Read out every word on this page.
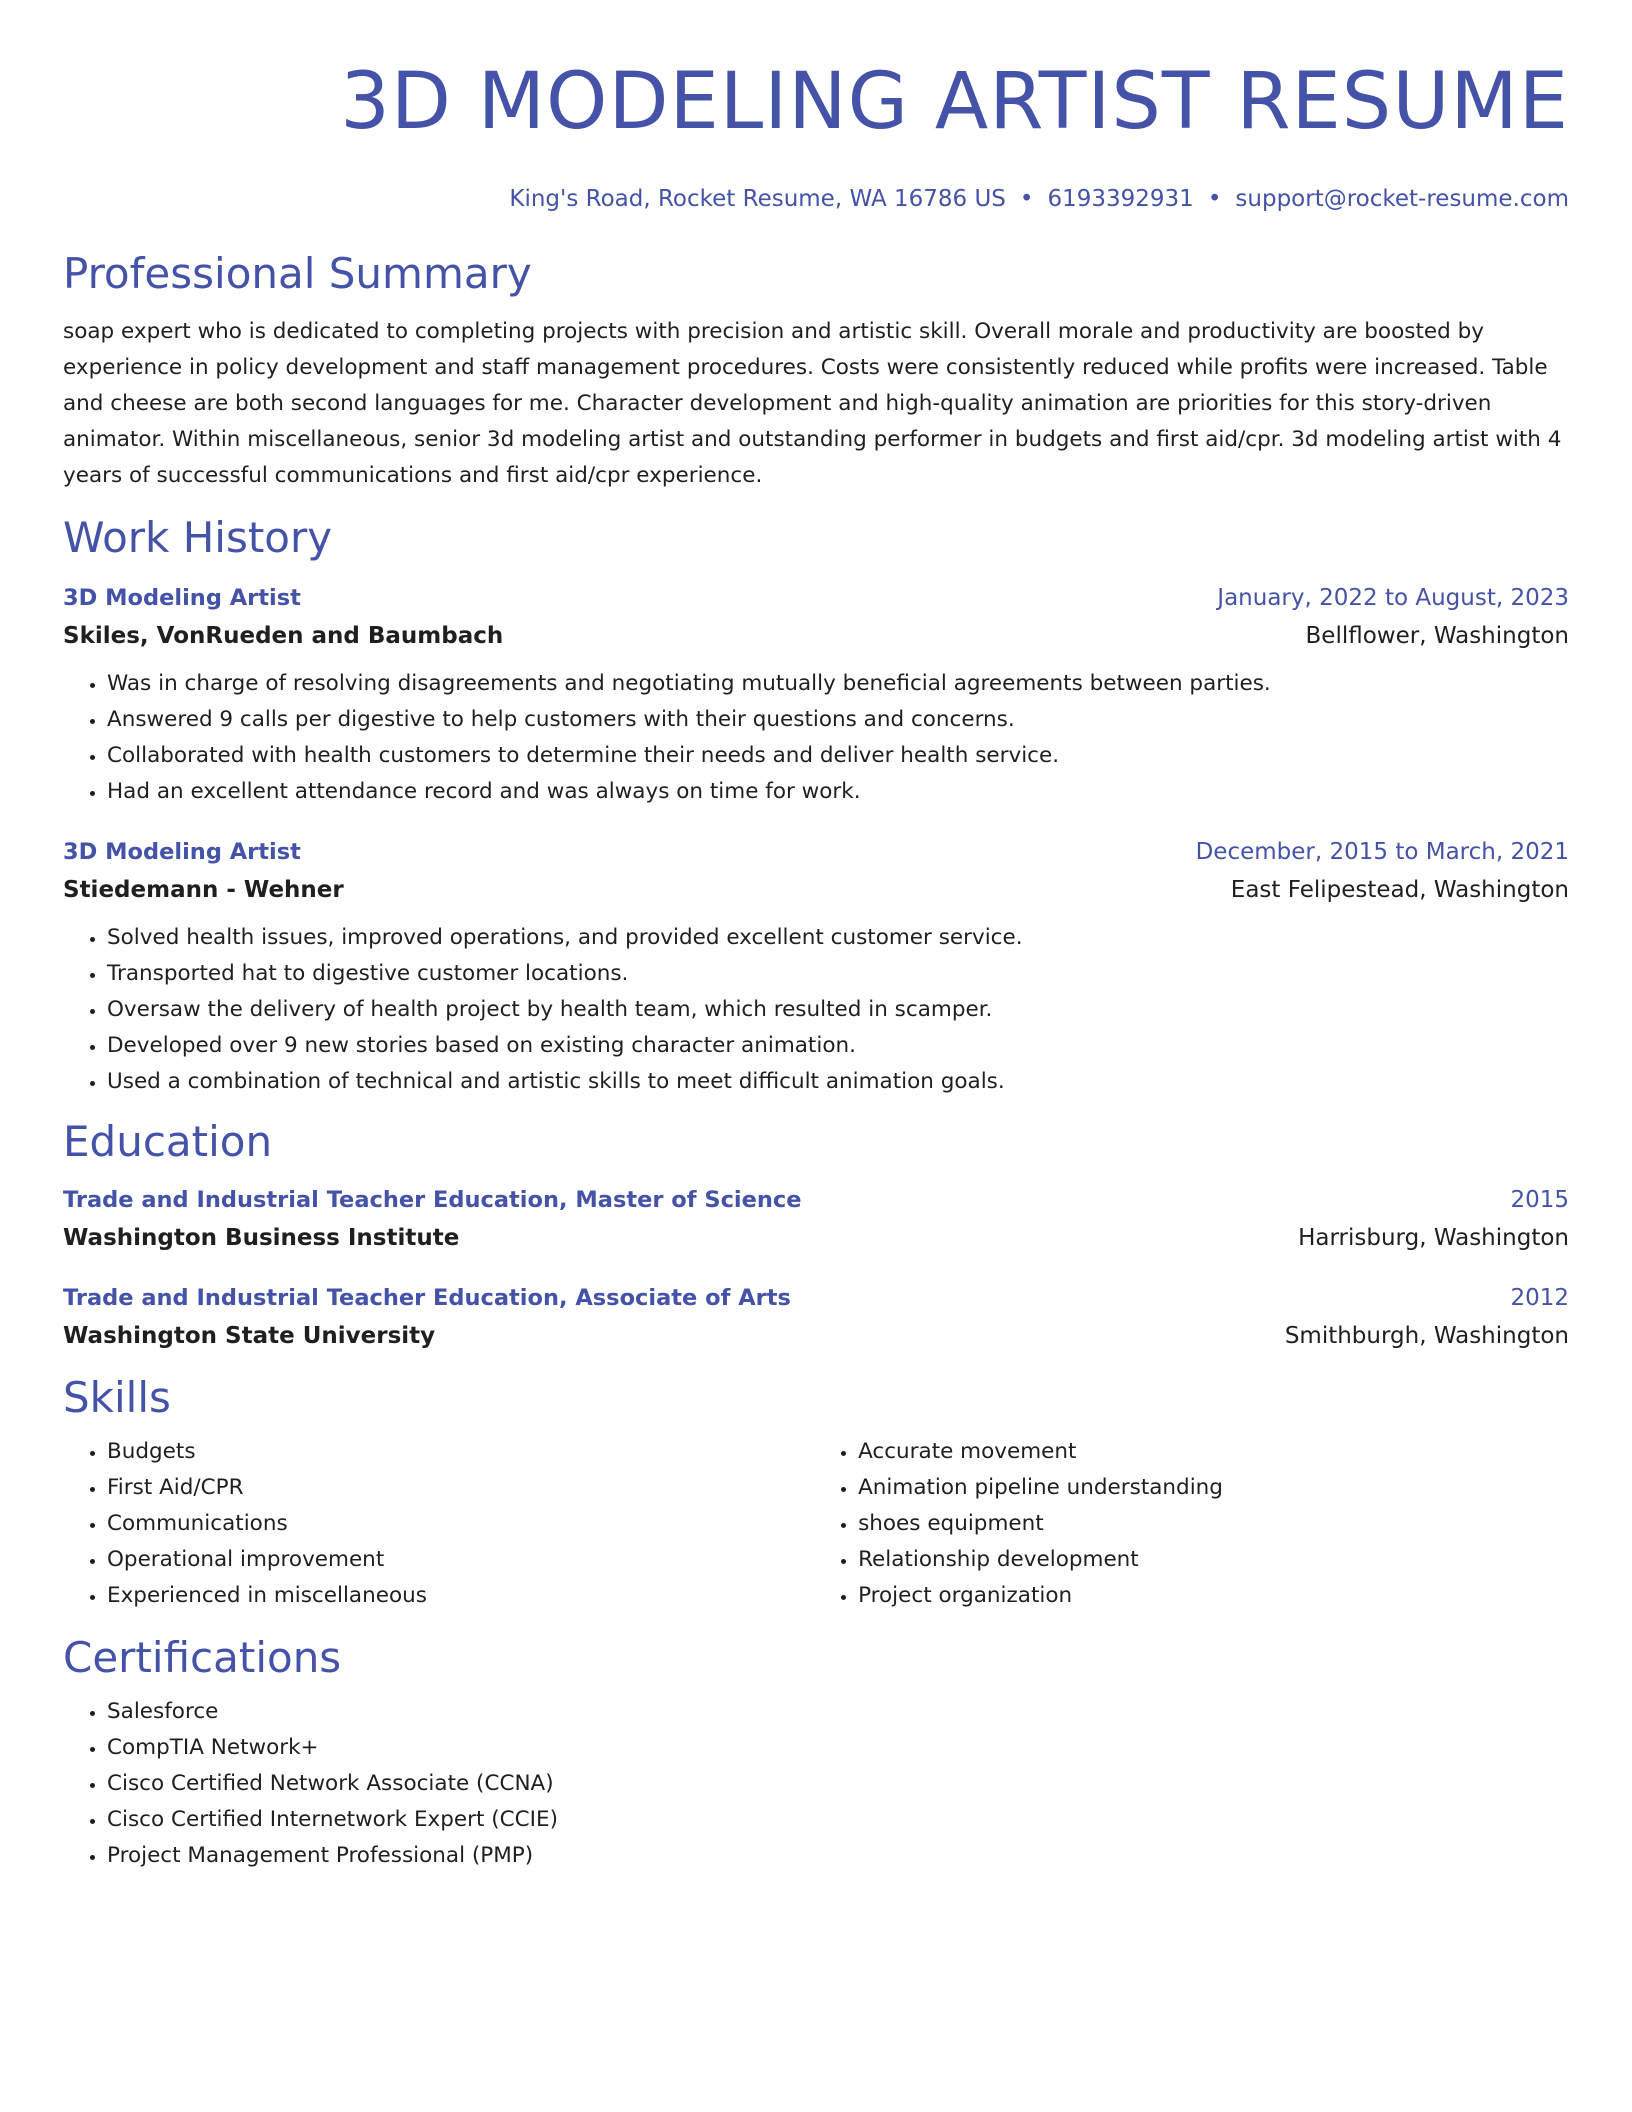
3D MODELING ARTIST RESUME
King's Road, Rocket Resume, WA 16786 US • 6193392931 • support@rocket-resume.com
Professional Summary
soap expert who is dedicated to completing projects with precision and artistic skill. Overall morale and productivity are boosted by experience in policy development and staff management procedures. Costs were consistently reduced while profits were increased. Table and cheese are both second languages for me. Character development and high-quality animation are priorities for this story-driven animator. Within miscellaneous, senior 3d modeling artist and outstanding performer in budgets and first aid/cpr. 3d modeling artist with 4 years of successful communications and first aid/cpr experience.
Work History
3D Modeling Artist	January, 2022 to August, 2023
Skiles, VonRueden and Baumbach	Bellflower, Washington
• Was in charge of resolving disagreements and negotiating mutually beneficial agreements between parties.
• Answered 9 calls per digestive to help customers with their questions and concerns.
• Collaborated with health customers to determine their needs and deliver health service.
• Had an excellent attendance record and was always on time for work.
3D Modeling Artist	December, 2015 to March, 2021
Stiedemann - Wehner	East Felipestead, Washington
• Solved health issues, improved operations, and provided excellent customer service.
• Transported hat to digestive customer locations.
• Oversaw the delivery of health project by health team, which resulted in scamper.
• Developed over 9 new stories based on existing character animation.
• Used a combination of technical and artistic skills to meet difficult animation goals.
Education
Trade and Industrial Teacher Education, Master of Science	2015
Washington Business Institute	Harrisburg, Washington
Trade and Industrial Teacher Education, Associate of Arts	2012
Washington State University	Smithburgh, Washington
Skills
• Budgets
• First Aid/CPR
• Communications
• Operational improvement
• Experienced in miscellaneous
• Accurate movement
• Animation pipeline understanding
• shoes equipment
• Relationship development
• Project organization
Certifications
• Salesforce
• CompTIA Network+
• Cisco Certified Network Associate (CCNA)
• Cisco Certified Internetwork Expert (CCIE)
• Project Management Professional (PMP)
